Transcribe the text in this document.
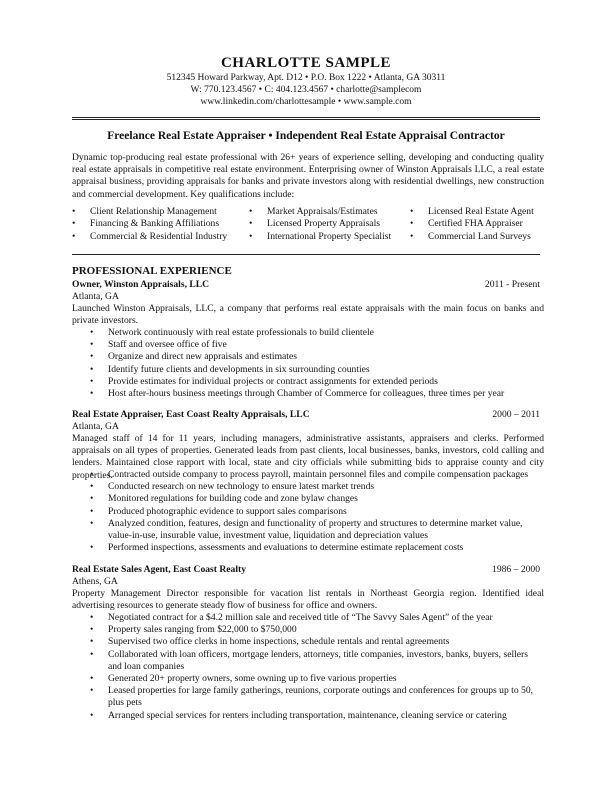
CHARLOTTE SAMPLE
512345 Howard Parkway, Apt. D12 • P.O. Box 1222 • Atlanta, GA 30311
W: 770.123.4567 • C: 404.123.4567 • charlotte@samplecom
www.linkedin.com/charlottesample • www.sample.com
Freelance Real Estate Appraiser • Independent Real Estate Appraisal Contractor
Dynamic top-producing real estate professional with 26+ years of experience selling, developing and conducting quality real estate appraisals in competitive real estate environment. Enterprising owner of Winston Appraisals LLC, a real estate appraisal business, providing appraisals for banks and private investors along with residential dwellings, new construction and commercial development. Key qualifications include:
• Client Relationship Management
• Financing & Banking Affiliations
• Commercial & Residential Industry
• Market Appraisals/Estimates
• Licensed Property Appraisals
• International Property Specialist
• Licensed Real Estate Agent
• Certified FHA Appraiser
• Commercial Land Surveys
PROFESSIONAL EXPERIENCE
Owner, Winston Appraisals, LLC	2011 - Present
Atlanta, GA
Launched Winston Appraisals, LLC, a company that performs real estate appraisals with the main focus on banks and private investors.
• Network continuously with real estate professionals to build clientele
• Staff and oversee office of five
• Organize and direct new appraisals and estimates
• Identify future clients and developments in six surrounding counties
• Provide estimates for individual projects or contract assignments for extended periods
• Host after-hours business meetings through Chamber of Commerce for colleagues, three times per year
Real Estate Appraiser, East Coast Realty Appraisals, LLC	2000 – 2011
Atlanta, GA
Managed staff of 14 for 11 years, including managers, administrative assistants, appraisers and clerks. Performed appraisals on all types of properties. Generated leads from past clients, local businesses, banks, investors, cold calling and lenders. Maintained close rapport with local, state and city officials while submitting bids to appraise county and city properties.
• Contracted outside company to process payroll, maintain personnel files and compile compensation packages
• Conducted research on new technology to ensure latest market trends
• Monitored regulations for building code and zone bylaw changes
• Produced photographic evidence to support sales comparisons
• Analyzed condition, features, design and functionality of property and structures to determine market value, value-in-use, insurable value, investment value, liquidation and depreciation values
• Performed inspections, assessments and evaluations to determine estimate replacement costs
Real Estate Sales Agent, East Coast Realty	1986 – 2000
Athens, GA
Property Management Director responsible for vacation list rentals in Northeast Georgia region. Identified ideal advertising resources to generate steady flow of business for office and owners.
• Negotiated contract for a $4.2 million sale and received title of “The Savvy Sales Agent” of the year
• Property sales ranging from $22,000 to $750,000
• Supervised two office clerks in home inspections, schedule rentals and rental agreements
• Collaborated with loan officers, mortgage lenders, attorneys, title companies, investors, banks, buyers, sellers and loan companies
• Generated 20+ property owners, some owning up to five various properties
• Leased properties for large family gatherings, reunions, corporate outings and conferences for groups up to 50, plus pets
• Arranged special services for renters including transportation, maintenance, cleaning service or catering
